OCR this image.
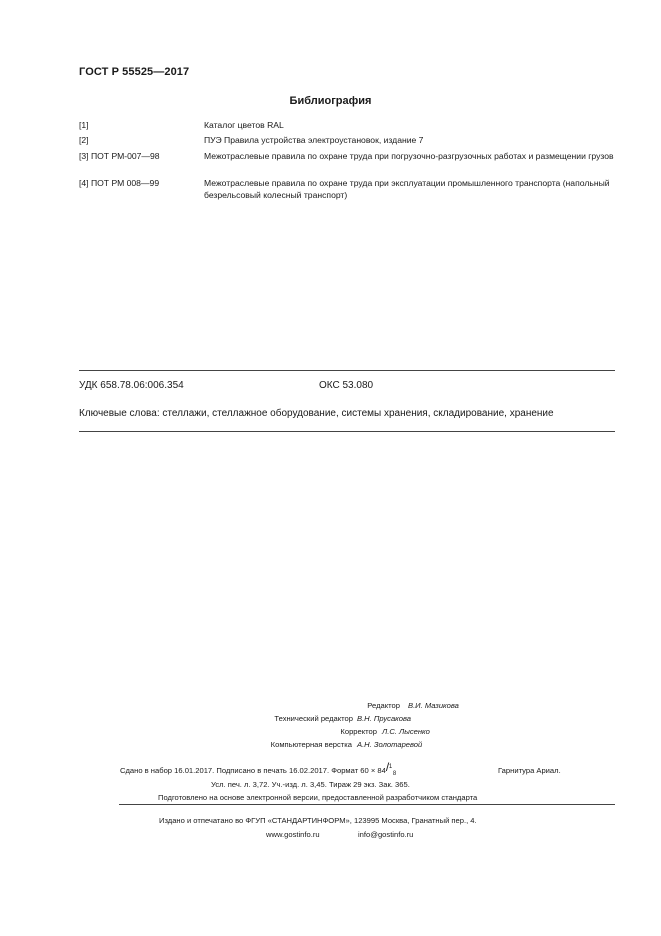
ГОСТ Р 55525—2017
Библиография
[1]	Каталог цветов RAL
[2]	ПУЭ Правила устройства электроустановок, издание 7
[3] ПОТ РМ-007—98	Межотраслевые правила по охране труда при погрузочно-разгрузочных работах и размещении грузов
[4] ПОТ РМ 008—99	Межотраслевые правила по охране труда при эксплуатации промышленного транспорта (напольный безрельсовый колесный транспорт)
УДК 658.78.06:006.354	ОКС 53.080
Ключевые слова: стеллажи, стеллажное оборудование, системы хранения, складирование, хранение
Редактор В.И. Мазикова
Технический редактор В.Н. Прусакова
Корректор Л.С. Лысенко
Компьютерная верстка А.Н. Золотаревой
Сдано в набор 16.01.2017. Подписано в печать 16.02.2017. Формат 60 × 84 1
/ 8	Гарнитура Ариал.
Усл. печ. л. 3,72. Уч.-изд. л. 3,45. Тираж 29 экз. Зак. 365.
Подготовлено на основе электронной версии, предоставленной разработчиком стандарта
Издано и отпечатано во ФГУП «СТАНДАРТИНФОРМ», 123995 Москва, Гранатный пер., 4.
www.gostinfo.ru	info@gostinfo.ru
